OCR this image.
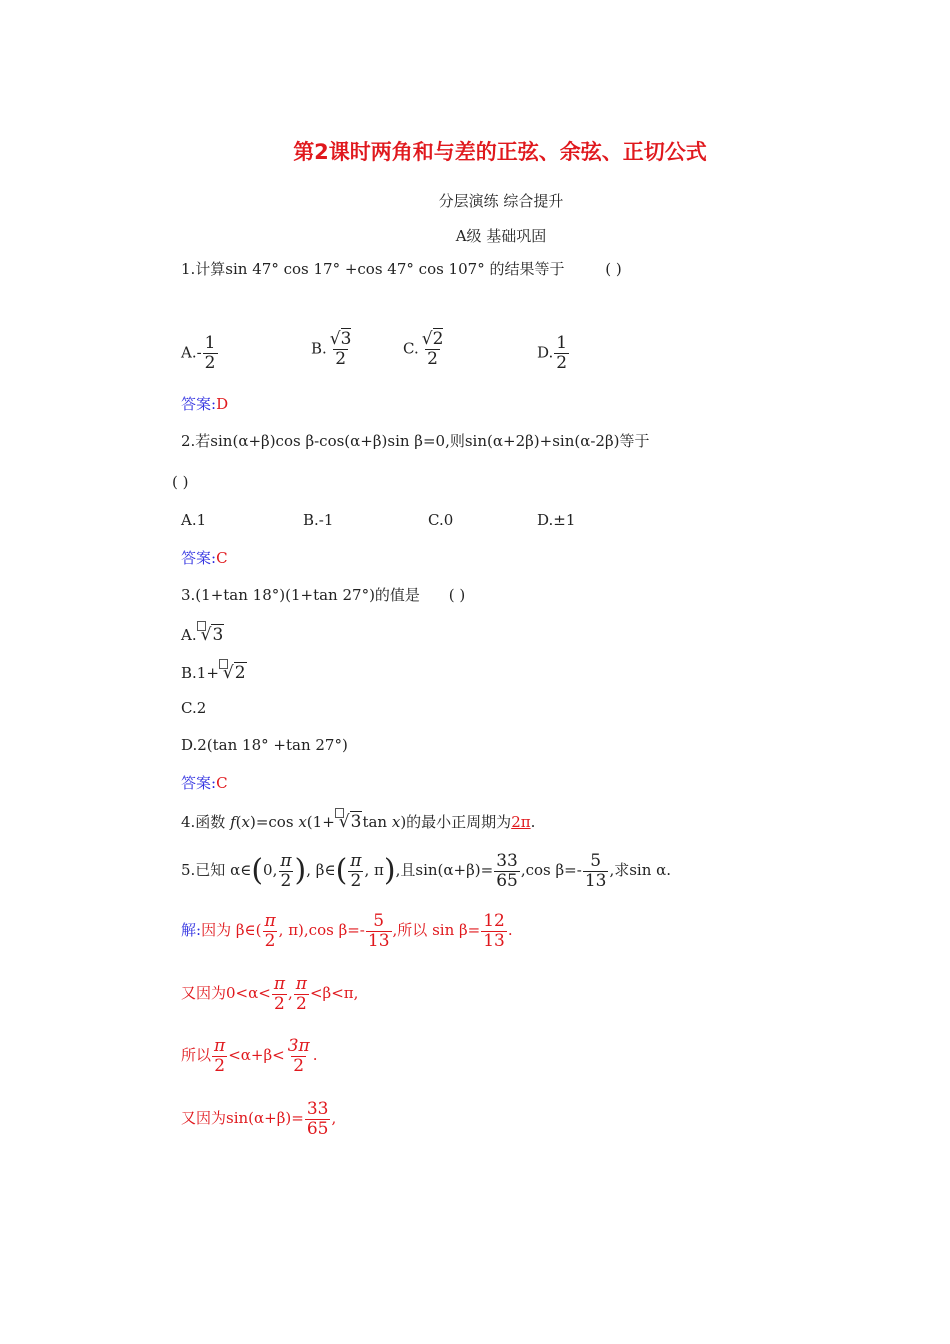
第2课时两角和与差的正弦、余弦、正切公式
分层演练 综合提升
A级 基础巩固
1.计算sin 47° cos 17° +cos 47° cos 107° 的结果等于	( )
$A.- \frac{1}{2}$	B. $\frac{√3}{2}$	C. $\frac{√2}{2}$	D. $\frac{1}{2}$
答案:D
2.若sin(α+β)cos β-cos(α+β)sin β=0,则sin(α+2β)+sin(α-2β)等于
( )
A.1	B.-1	C.0	D.±1
答案:C
3.(1+tan 18°)(1+tan 27°)的值是 ( )
A. √3
B.1+ √2
C.2
D.2(tan 18° +tan 27°)
答案:C
4.函数 f(x)=cos x(1+ √3tan x)的最小正周期为2π.
5.已知 α∈(0, $\frac{\pi}{2}$ ), β∈( $\frac{\pi}{2}$ , π),且$\sin(\alpha+\beta)= \frac{33}{65} ,\cos$ $\beta=- \frac{5}{13}$ ,求sin α.
解:因为 β∈( $\frac{\pi}{2}$ , π),cos $\beta=- \frac{5}{13}$ ,所以 $\sin \beta= \frac{12}{13}$ .
又因为$0<\alpha< \frac{\pi}{2}$ , $\frac{\pi}{2} <\beta<\pi$,
所以 $\frac{\pi}{2} <\alpha+\beta< \frac{3\pi}{2}$ .
又因为$\sin(\alpha+\beta)= \frac{33}{65}$ ,
